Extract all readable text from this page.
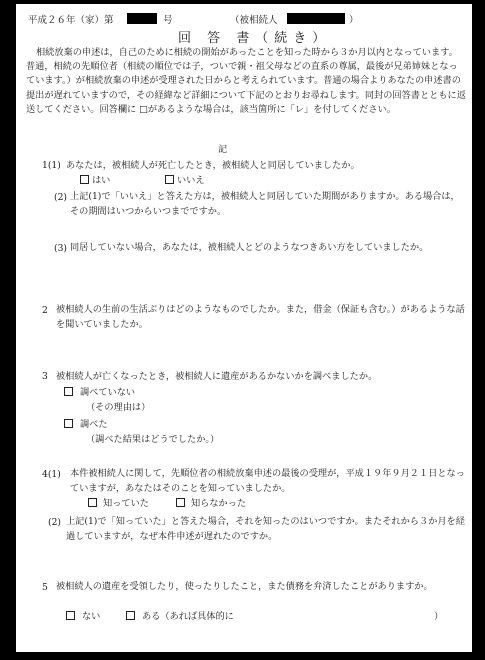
平成２６年（家）第	号	（被相続人	）
回 答 書（続き）
相続放棄の申述は，自己のために相続の開始があったことを知った時から３か月以内となっています。普通，相続の先順位者（相続の順位では子，ついで親・祖父母などの直系の尊属，最後が兄弟姉妹となっています。）が相続放棄の申述が受理された日からと考えられています。普通の場合よりあなたの申述書の提出が遅れていますので，その経緯など詳細について下記のとおりお尋ねします。同封の回答書とともに返送してください。回答欄に □があるような場合は，該当箇所に「レ」を付してください。
記
1(1) あなたは，被相続人が死亡したとき，被相続人と同居していましたか。
はい	いいえ
(2) 上記(1)で「いいえ」と答えた方は，被相続人と同居していた期間がありますか。ある場合は，その期間はいつからいつまでですか。
(3) 同居していない場合，あなたは，被相続人とどのようなつきあい方をしていましたか。
2 被相続人の生前の生活ぶりはどのようなものでしたか。また，借金（保証も含む。）があるような話を聞いていましたか。
3 被相続人が亡くなったとき，被相続人に遺産があるかないかを調べましたか。
調べていない
（その理由は）
調べた
（調べた結果はどうでしたか。）
4(1) 本件被相続人に関して，先順位者の相続放棄申述の最後の受理が，平成１９年９月２１日となっていますが，あなたはそのことを知っていましたか。
知っていた	知らなかった
(2) 上記(1)で「知っていた」と答えた場合，それを知ったのはいつですか。またそれから３か月を経過していますが，なぜ本件申述が遅れたのですか。
5 被相続人の遺産を受領したり，使ったりしたこと，また債務を弁済したことがありますか。
ない	ある（あれば具体的に	）
